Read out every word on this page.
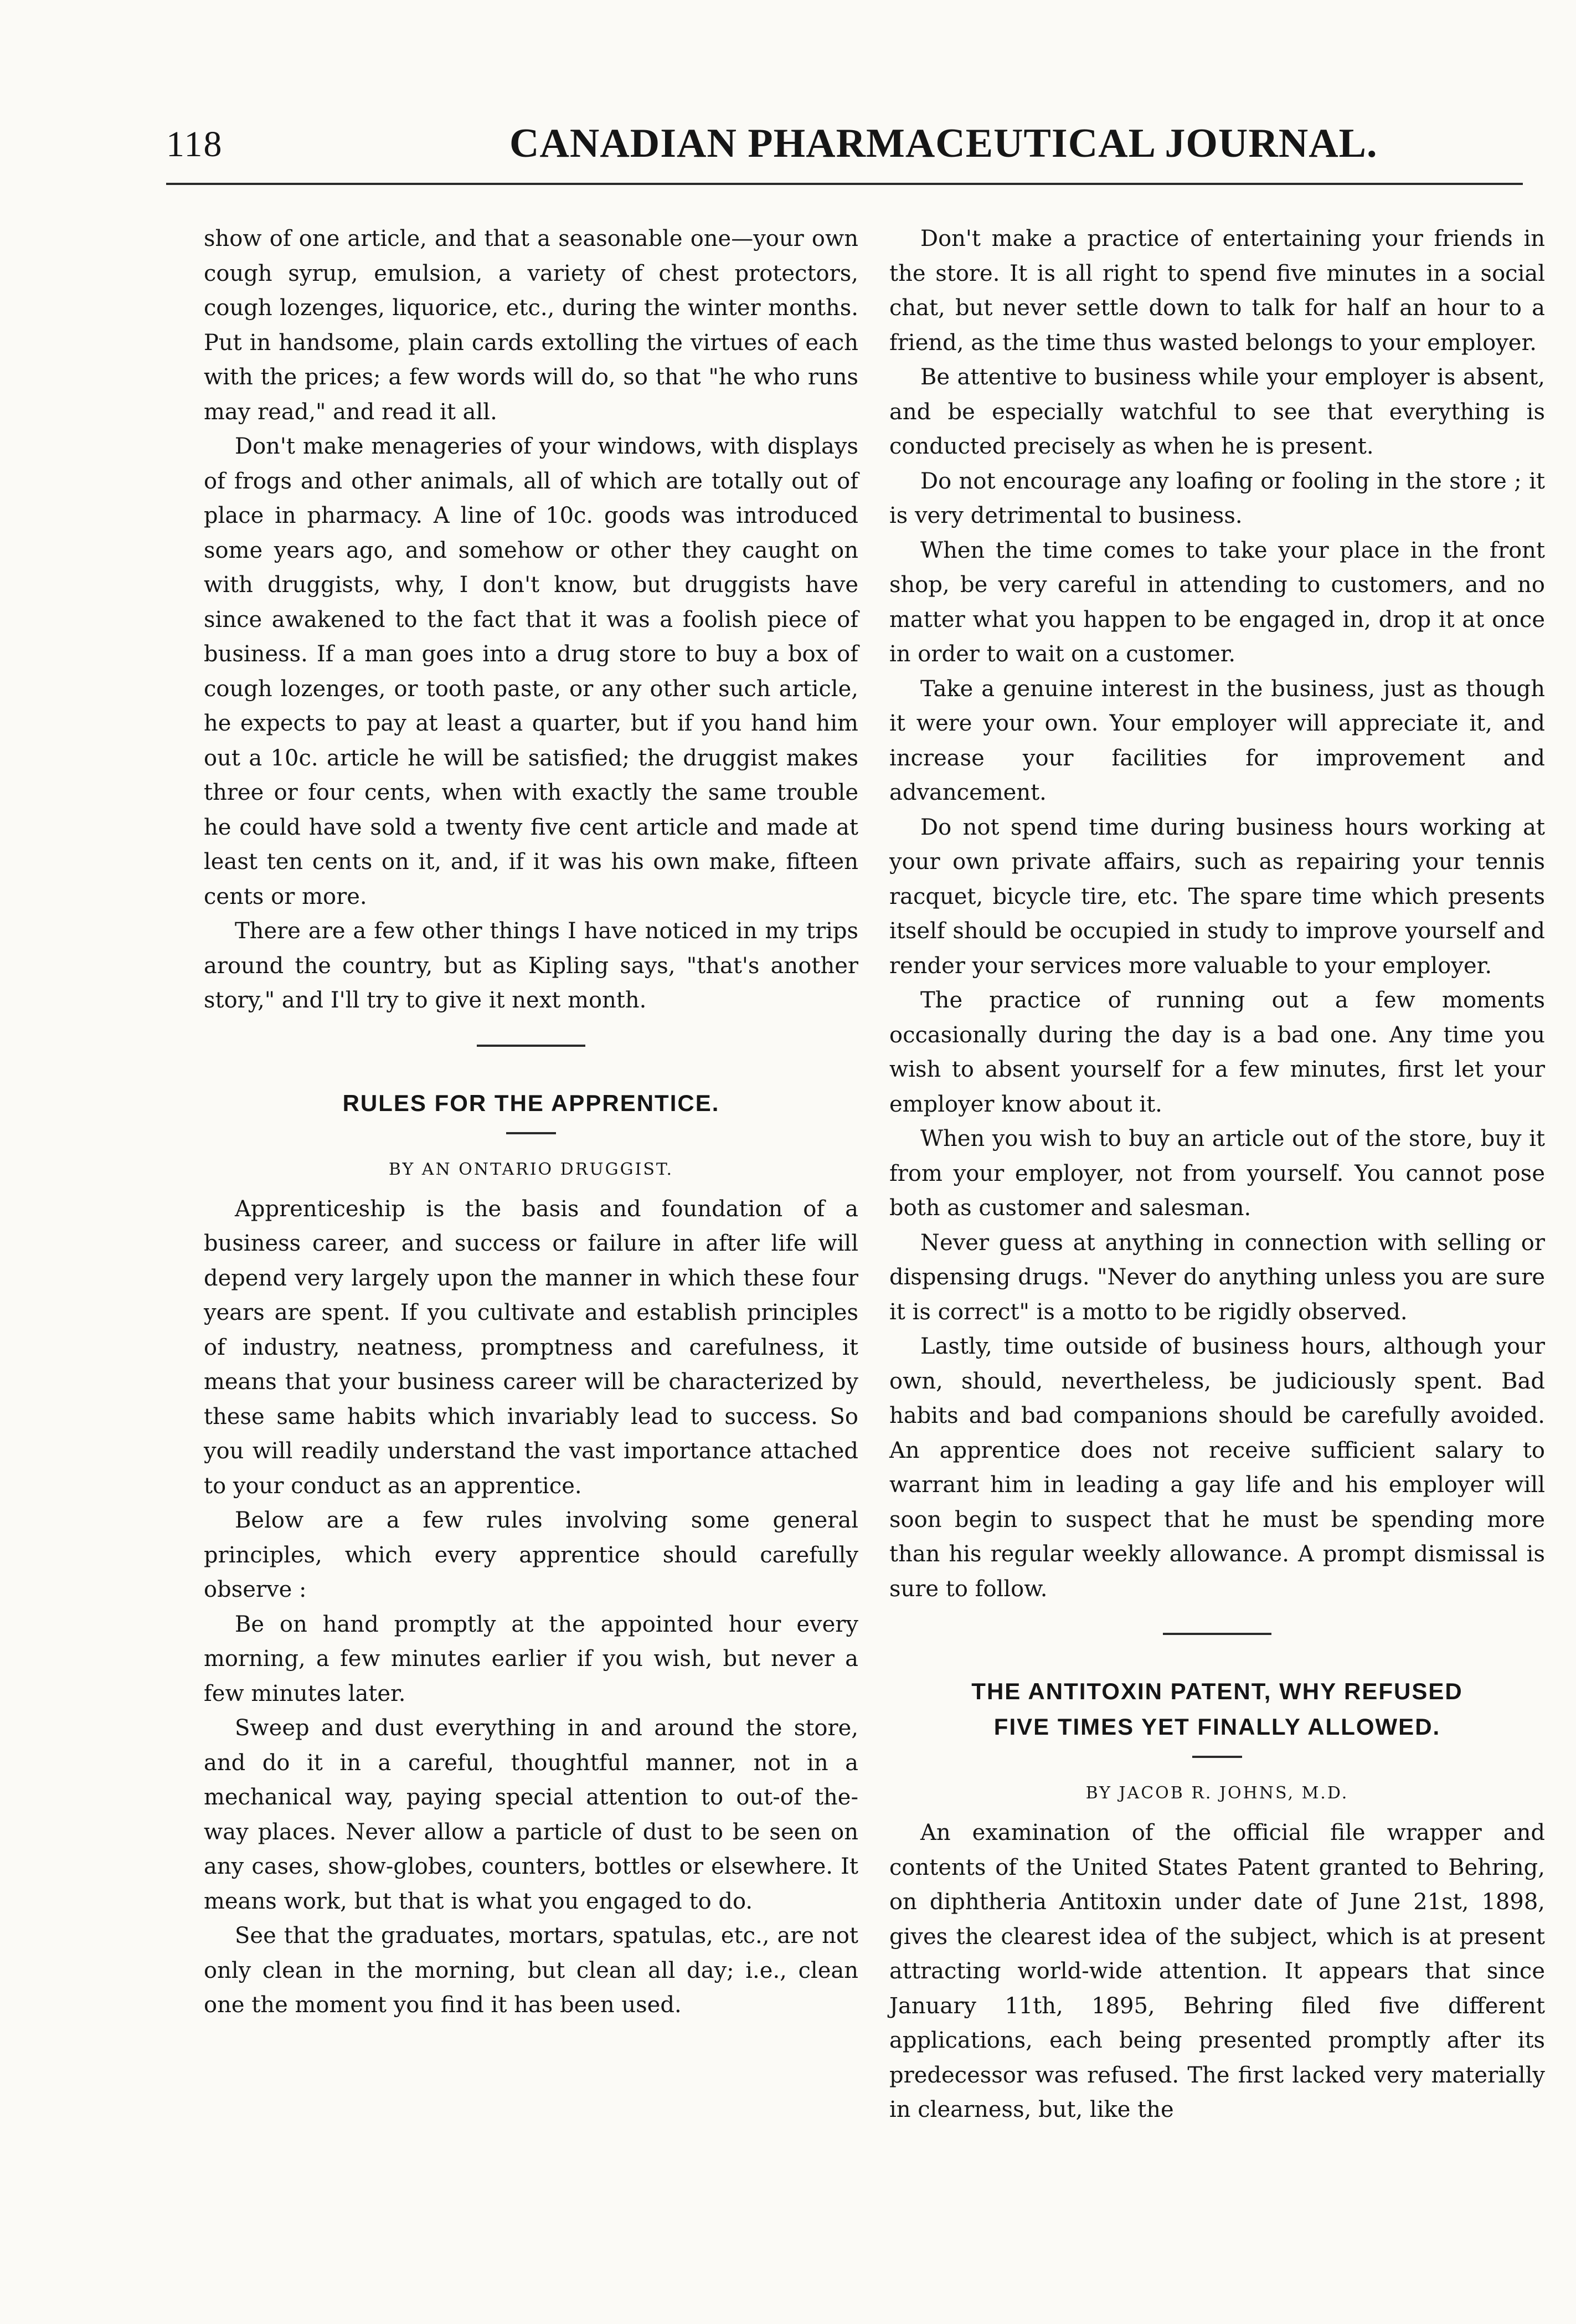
118	CANADIAN PHARMACEUTICAL JOURNAL.

show of one article, and that a seasonable one—your own cough syrup, emulsion, a variety of chest protectors, cough lozenges, liquorice, etc., during the winter months. Put in handsome, plain cards extolling the virtues of each with the prices; a few words will do, so that "he who runs may read," and read it all.

Don't make menageries of your windows, with displays of frogs and other animals, all of which are totally out of place in pharmacy. A line of 10c. goods was introduced some years ago, and somehow or other they caught on with druggists, why, I don't know, but druggists have since awakened to the fact that it was a foolish piece of business. If a man goes into a drug store to buy a box of cough lozenges, or tooth paste, or any other such article, he expects to pay at least a quarter, but if you hand him out a 10c. article he will be satisfied; the druggist makes three or four cents, when with exactly the same trouble he could have sold a twenty five cent article and made at least ten cents on it, and, if it was his own make, fifteen cents or more.

There are a few other things I have noticed in my trips around the country, but as Kipling says, "that's another story," and I'll try to give it next month.

RULES FOR THE APPRENTICE.
BY AN ONTARIO DRUGGIST.

Apprenticeship is the basis and foundation of a business career, and success or failure in after life will depend very largely upon the manner in which these four years are spent. If you cultivate and establish principles of industry, neatness, promptness and carefulness, it means that your business career will be characterized by these same habits which invariably lead to success. So you will readily understand the vast importance attached to your conduct as an apprentice.

Below are a few rules involving some general principles, which every apprentice should carefully observe :

Be on hand promptly at the appointed hour every morning, a few minutes earlier if you wish, but never a few minutes later.

Sweep and dust everything in and around the store, and do it in a careful, thoughtful manner, not in a mechanical way, paying special attention to out-of the-way places. Never allow a particle of dust to be seen on any cases, show-globes, counters, bottles or elsewhere. It means work, but that is what you engaged to do.

See that the graduates, mortars, spatulas, etc., are not only clean in the morning, but clean all day; i.e., clean one the moment you find it has been used.

Don't make a practice of entertaining your friends in the store. It is all right to spend five minutes in a social chat, but never settle down to talk for half an hour to a friend, as the time thus wasted belongs to your employer.

Be attentive to business while your employer is absent, and be especially watchful to see that everything is conducted precisely as when he is present.

Do not encourage any loafing or fooling in the store ; it is very detrimental to business.

When the time comes to take your place in the front shop, be very careful in attending to customers, and no matter what you happen to be engaged in, drop it at once in order to wait on a customer.

Take a genuine interest in the business, just as though it were your own. Your employer will appreciate it, and increase your facilities for improvement and advancement.

Do not spend time during business hours working at your own private affairs, such as repairing your tennis racquet, bicycle tire, etc. The spare time which presents itself should be occupied in study to improve yourself and render your services more valuable to your employer.

The practice of running out a few moments occasionally during the day is a bad one. Any time you wish to absent yourself for a few minutes, first let your employer know about it.

When you wish to buy an article out of the store, buy it from your employer, not from yourself. You cannot pose both as customer and salesman.

Never guess at anything in connection with selling or dispensing drugs. "Never do anything unless you are sure it is correct" is a motto to be rigidly observed.

Lastly, time outside of business hours, although your own, should, nevertheless, be judiciously spent. Bad habits and bad companions should be carefully avoided. An apprentice does not receive sufficient salary to warrant him in leading a gay life and his employer will soon begin to suspect that he must be spending more than his regular weekly allowance. A prompt dismissal is sure to follow.

THE ANTITOXIN PATENT, WHY REFUSED
FIVE TIMES YET FINALLY ALLOWED.
BY JACOB R. JOHNS, M.D.

An examination of the official file wrapper and contents of the United States Patent granted to Behring, on diphtheria Antitoxin under date of June 21st, 1898, gives the clearest idea of the subject, which is at present attracting world-wide attention. It appears that since January 11th, 1895, Behring filed five different applications, each being presented promptly after its predecessor was refused. The first lacked very materially in clearness, but, like the
